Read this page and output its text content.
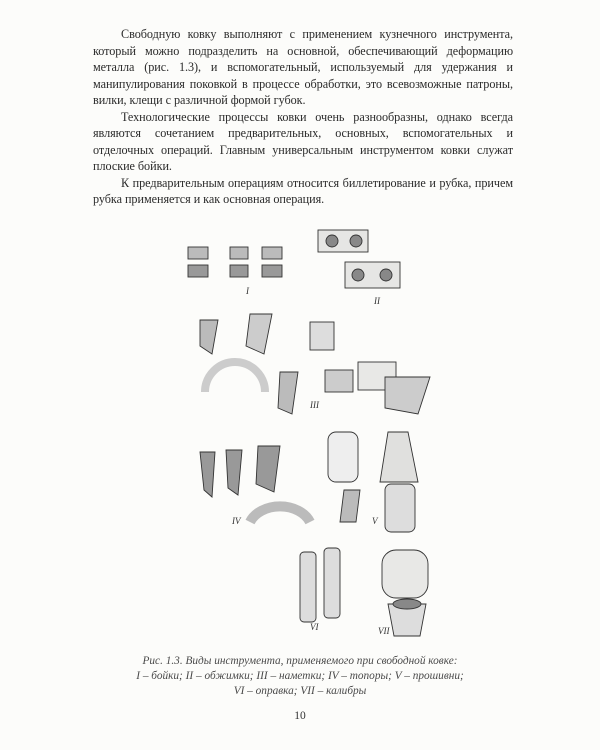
Свободную ковку выполняют с применением кузнечного инструмента, который можно подразделить на основной, обеспечивающий деформацию металла (рис. 1.3), и вспомогательный, используемый для удержания и манипулирования поковкой в процессе обработки, это всевозможные патроны, вилки, клещи с различной формой губок.

Технологические процессы ковки очень разнообразны, однако всегда являются сочетанием предварительных, основных, вспомогательных и отделочных операций. Главным универсальным инструментом ковки служат плоские бойки.

К предварительным операциям относится биллетирование и рубка, причем рубка применяется и как основная операция.

I
II
III
IV	V
VI	VII
Рис. 1.3. Виды инструмента, применяемого при свободной ковке:
I – бойки; II – обжимки; III – наметки; IV – топоры; V – прошивни;
VI – оправка; VII – калибры
10
